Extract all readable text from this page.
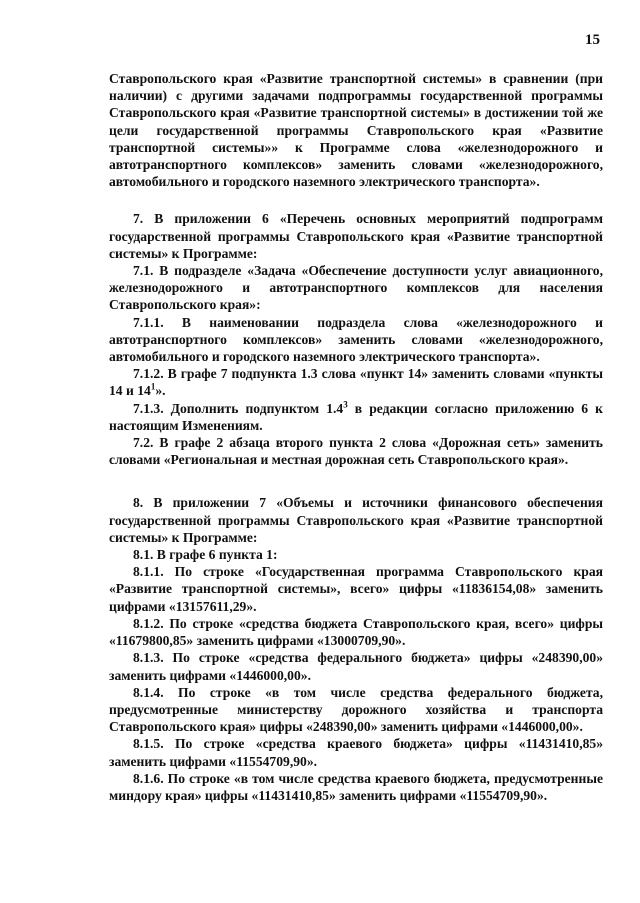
15

Ставропольского края «Развитие транспортной системы» в сравнении (при наличии) с другими задачами подпрограммы государственной программы Ставропольского края «Развитие транспортной системы» в достижении той же цели государственной программы Ставропольского края «Развитие транспортной системы»» к Программе слова «железнодорожного и автотранспортного комплексов» заменить словами «железнодорожного, автомобильного и городского наземного электрического транспорта».

7. В приложении 6 «Перечень основных мероприятий подпрограмм государственной программы Ставропольского края «Развитие транспортной системы» к Программе:

7.1. В подразделе «Задача «Обеспечение доступности услуг авиационного, железнодорожного и автотранспортного комплексов для населения Ставропольского края»:

7.1.1. В наименовании подраздела слова «железнодорожного и автотранспортного комплексов» заменить словами «железнодорожного, автомобильного и городского наземного электрического транспорта».

7.1.2. В графе 7 подпункта 1.3 слова «пункт 14» заменить словами «пункты 14 и $14^1$».

7.1.3. Дополнить подпунктом $1.4^3$ в редакции согласно приложению 6 к настоящим Изменениям.

7.2. В графе 2 абзаца второго пункта 2 слова «Дорожная сеть» заменить словами «Региональная и местная дорожная сеть Ставропольского края».

8. В приложении 7 «Объемы и источники финансового обеспечения государственной программы Ставропольского края «Развитие транспортной системы» к Программе:

8.1. В графе 6 пункта 1:

8.1.1. По строке «Государственная программа Ставропольского края «Развитие транспортной системы», всего» цифры «11836154,08» заменить цифрами «13157611,29».

8.1.2. По строке «средства бюджета Ставропольского края, всего» цифры «11679800,85» заменить цифрами «13000709,90».

8.1.3. По строке «средства федерального бюджета» цифры «248390,00» заменить цифрами «1446000,00».

8.1.4. По строке «в том числе средства федерального бюджета, предусмотренные министерству дорожного хозяйства и транспорта Ставропольского края» цифры «248390,00» заменить цифрами «1446000,00».

8.1.5. По строке «средства краевого бюджета» цифры «11431410,85» заменить цифрами «11554709,90».

8.1.6. По строке «в том числе средства краевого бюджета, предусмотренные миндору края» цифры «11431410,85» заменить цифрами «11554709,90».
